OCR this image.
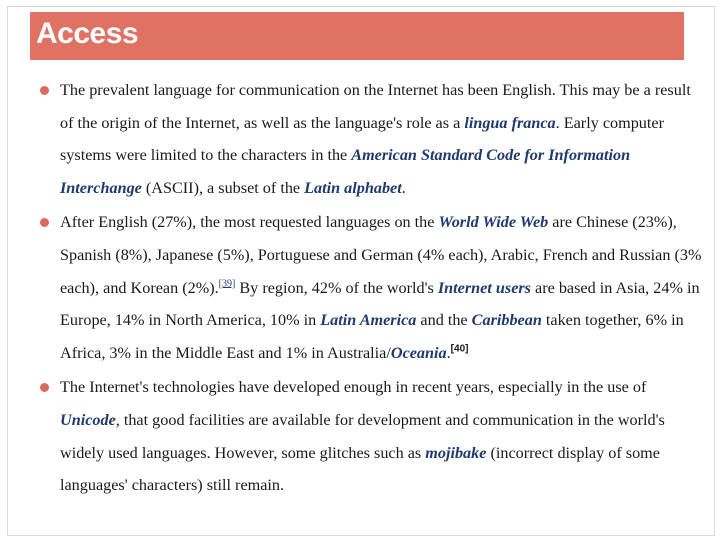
Access

The prevalent language for communication on the Internet has been English. This may be a result of the origin of the Internet, as well as the language's role as a lingua franca. Early computer systems were limited to the characters in the American Standard Code for Information Interchange (ASCII), a subset of the Latin alphabet.

After English (27%), the most requested languages on the World Wide Web are Chinese (23%), Spanish (8%), Japanese (5%), Portuguese and German (4% each), Arabic, French and Russian (3% each), and Korean (2%).[39] By region, 42% of the world's Internet users are based in Asia, 24% in Europe, 14% in North America, 10% in Latin America and the Caribbean taken together, 6% in Africa, 3% in the Middle East and 1% in Australia/Oceania.[40]

The Internet's technologies have developed enough in recent years, especially in the use of Unicode, that good facilities are available for development and communication in the world's widely used languages. However, some glitches such as mojibake (incorrect display of some languages' characters) still remain.
